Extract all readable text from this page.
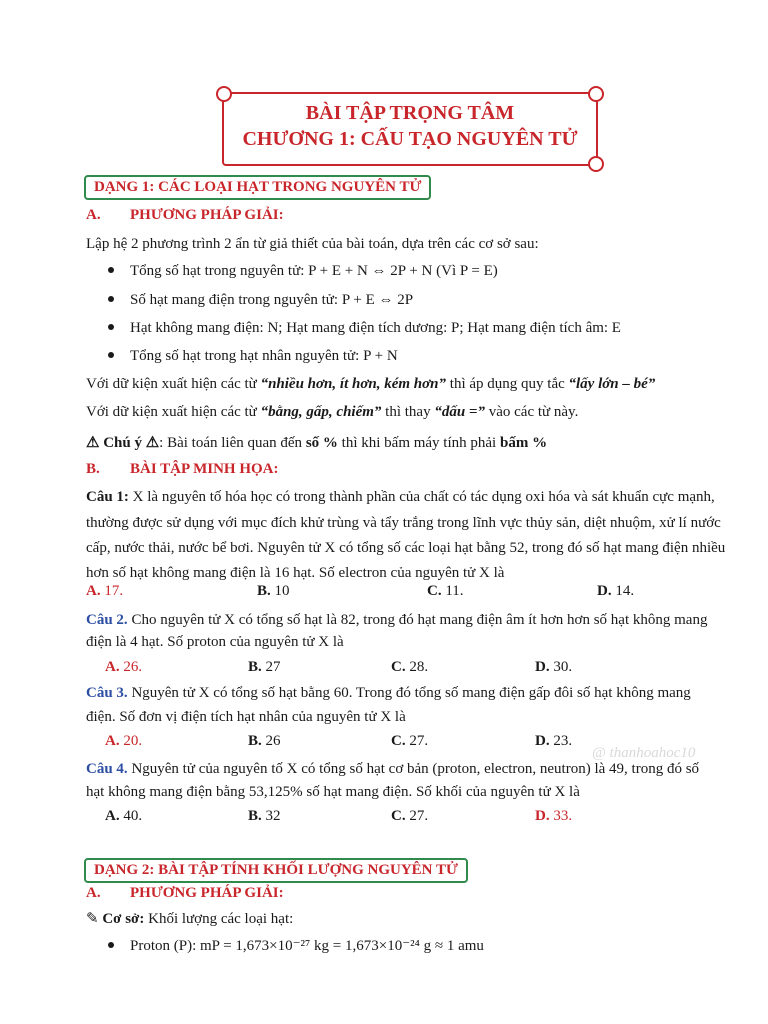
BÀI TẬP TRỌNG TÂM
CHƯƠNG 1: CẤU TẠO NGUYÊN TỬ
DẠNG 1: CÁC LOẠI HẠT TRONG NGUYÊN TỬ
A. PHƯƠNG PHÁP GIẢI:
Lập hệ 2 phương trình 2 ẩn từ giả thiết của bài toán, dựa trên các cơ sở sau:
Tổng số hạt trong nguyên tử: P + E + N ⇔ 2P + N (Vì P = E)
Số hạt mang điện trong nguyên tử: P + E ⇔ 2P
Hạt không mang điện: N; Hạt mang điện tích dương: P; Hạt mang điện tích âm: E
Tổng số hạt trong hạt nhân nguyên tử: P + N
Với dữ kiện xuất hiện các từ “nhiều hơn, ít hơn, kém hơn” thì áp dụng quy tắc “lấy lớn – bé”
Với dữ kiện xuất hiện các từ “bằng, gấp, chiếm” thì thay “dấu =” vào các từ này.
⚠ Chú ý ⚠: Bài toán liên quan đến số % thì khi bấm máy tính phải bấm %
B. BÀI TẬP MINH HỌA:
Câu 1: X là nguyên tố hóa học có trong thành phần của chất có tác dụng oxi hóa và sát khuẩn cực mạnh,
thường được sử dụng với mục đích khử trùng và tẩy trắng trong lĩnh vực thủy sản, diệt nhuộm, xử lí nước
cấp, nước thải, nước bể bơi. Nguyên tử X có tổng số các loại hạt bằng 52, trong đó số hạt mang điện nhiều
hơn số hạt không mang điện là 16 hạt. Số electron của nguyên tử X là
A. 17.	B. 10	C. 11.	D. 14.
Câu 2. Cho nguyên tử X có tổng số hạt là 82, trong đó hạt mang điện âm ít hơn hơn số hạt không mang
điện là 4 hạt. Số proton của nguyên tử X là
A. 26.	B. 27	C. 28.	D. 30.
Câu 3. Nguyên tử X có tổng số hạt bằng 60. Trong đó tổng số mang điện gấp đôi số hạt không mang
điện. Số đơn vị điện tích hạt nhân của nguyên tử X là
A. 20.	B. 26	C. 27.	D. 23.
@ thanhoahoc10
Câu 4. Nguyên tử của nguyên tố X có tổng số hạt cơ bản (proton, electron, neutron) là 49, trong đó số
hạt không mang điện bằng 53,125% số hạt mang điện. Số khối của nguyên tử X là
A. 40.	B. 32	C. 27.	D. 33.
DẠNG 2: BÀI TẬP TÍNH KHỐI LƯỢNG NGUYÊN TỬ
A. PHƯƠNG PHÁP GIẢI:
✎ Cơ sở: Khối lượng các loại hạt:
Proton (P): mP = 1,673×10⁻²⁷ kg = 1,673×10⁻²⁴ g ≈ 1 amu
